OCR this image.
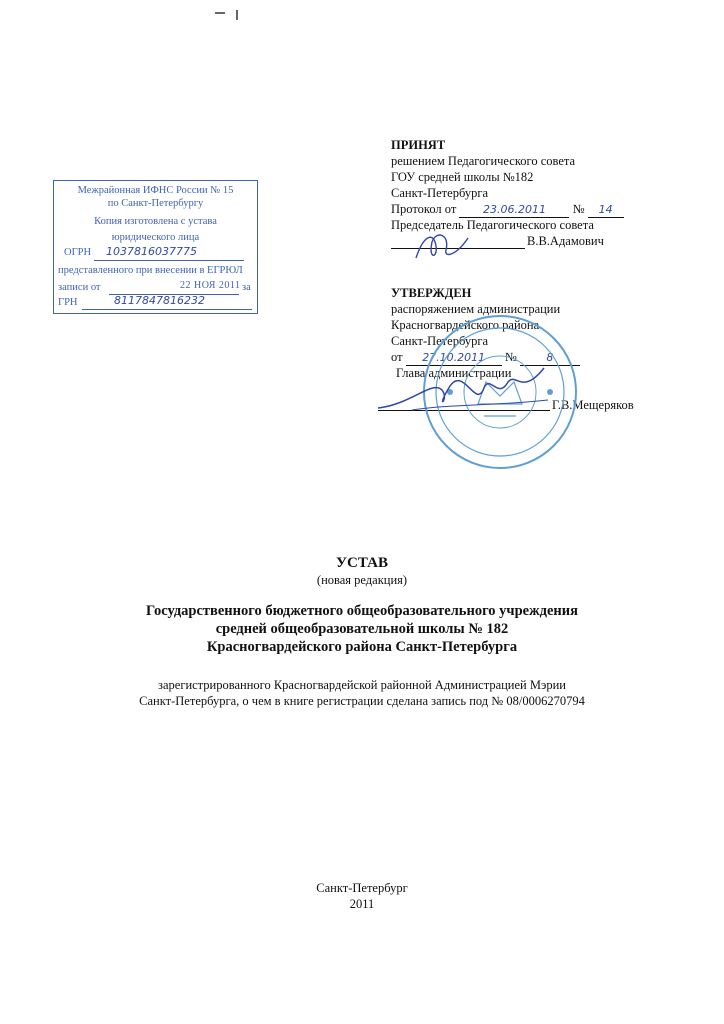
ПРИНЯТ
решением Педагогического совета
ГОУ средней школы №182
Санкт-Петербурга
Протокол от 23.06.2011 № 14
Председатель Педагогического совета
В.В.Адамович
Межрайонная ИФНС России № 15
по Санкт-Петербургу
Копия изготовлена с устава
юридического лица
ОГРН 1037816037775
представленного при внесении в ЕГРЮЛ
записи от	22 НОЯ 2011 за
ГРН	8117847816232
УТВЕРЖДЕН
распоряжением администрации
Красногвардейского района
Санкт-Петербурга
от 27.10.2011 №	8
Глава администрации
Г.В.Мещеряков
УСТАВ
(новая редакция)
Государственного бюджетного общеобразовательного учреждения
средней общеобразовательной школы № 182
Красногвардейского района Санкт-Петербурга
зарегистрированного Красногвардейской районной Администрацией Мэрии
Санкт-Петербурга, о чем в книге регистрации сделана запись под № 08/0006270794
Санкт-Петербург
2011
